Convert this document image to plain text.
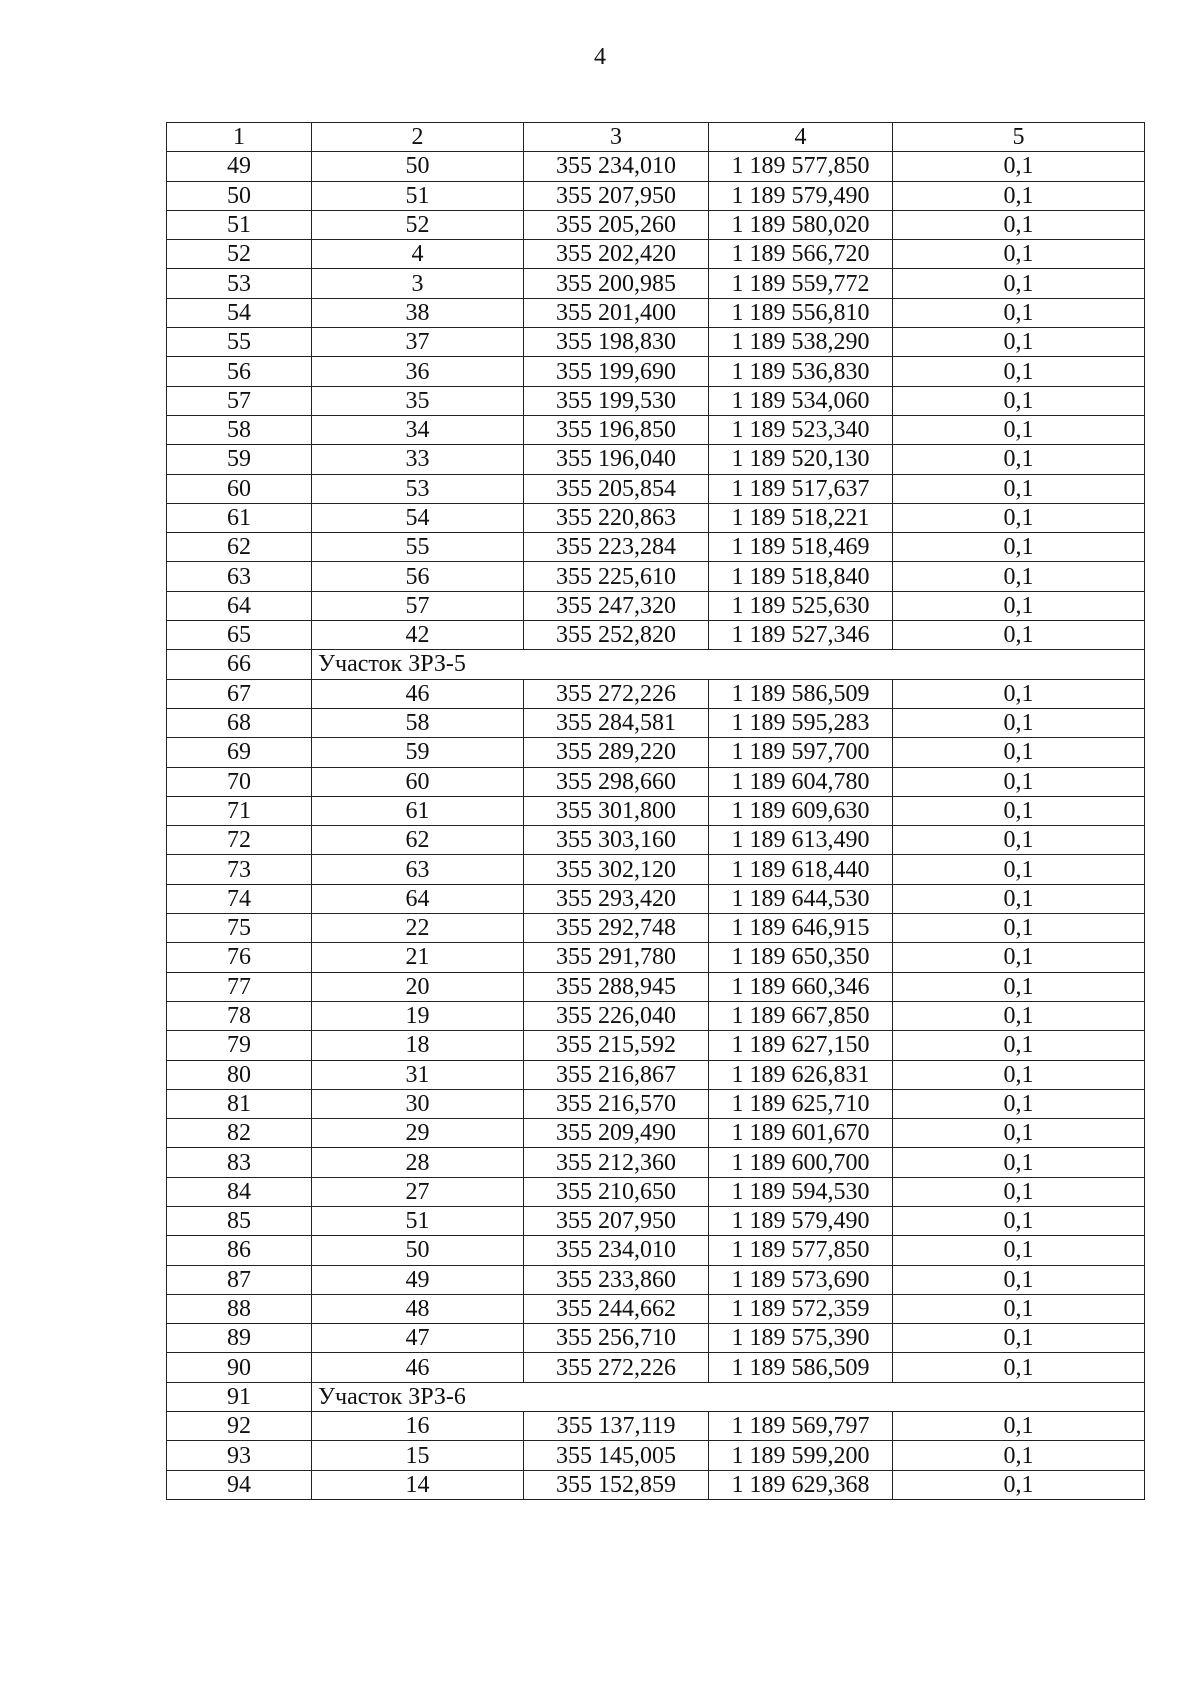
4
1	2	3	4	5
49	50	355 234,010	1 189 577,850	0,1
50	51	355 207,950	1 189 579,490	0,1
51	52	355 205,260	1 189 580,020	0,1
52	4	355 202,420	1 189 566,720	0,1
53	3	355 200,985	1 189 559,772	0,1
54	38	355 201,400	1 189 556,810	0,1
55	37	355 198,830	1 189 538,290	0,1
56	36	355 199,690	1 189 536,830	0,1
57	35	355 199,530	1 189 534,060	0,1
58	34	355 196,850	1 189 523,340	0,1
59	33	355 196,040	1 189 520,130	0,1
60	53	355 205,854	1 189 517,637	0,1
61	54	355 220,863	1 189 518,221	0,1
62	55	355 223,284	1 189 518,469	0,1
63	56	355 225,610	1 189 518,840	0,1
64	57	355 247,320	1 189 525,630	0,1
65	42	355 252,820	1 189 527,346	0,1
66	Участок ЗРЗ-5			
67	46	355 272,226	1 189 586,509	0,1
68	58	355 284,581	1 189 595,283	0,1
69	59	355 289,220	1 189 597,700	0,1
70	60	355 298,660	1 189 604,780	0,1
71	61	355 301,800	1 189 609,630	0,1
72	62	355 303,160	1 189 613,490	0,1
73	63	355 302,120	1 189 618,440	0,1
74	64	355 293,420	1 189 644,530	0,1
75	22	355 292,748	1 189 646,915	0,1
76	21	355 291,780	1 189 650,350	0,1
77	20	355 288,945	1 189 660,346	0,1
78	19	355 226,040	1 189 667,850	0,1
79	18	355 215,592	1 189 627,150	0,1
80	31	355 216,867	1 189 626,831	0,1
81	30	355 216,570	1 189 625,710	0,1
82	29	355 209,490	1 189 601,670	0,1
83	28	355 212,360	1 189 600,700	0,1
84	27	355 210,650	1 189 594,530	0,1
85	51	355 207,950	1 189 579,490	0,1
86	50	355 234,010	1 189 577,850	0,1
87	49	355 233,860	1 189 573,690	0,1
88	48	355 244,662	1 189 572,359	0,1
89	47	355 256,710	1 189 575,390	0,1
90	46	355 272,226	1 189 586,509	0,1
91	Участок ЗРЗ-6			
92	16	355 137,119	1 189 569,797	0,1
93	15	355 145,005	1 189 599,200	0,1
94	14	355 152,859	1 189 629,368	0,1
